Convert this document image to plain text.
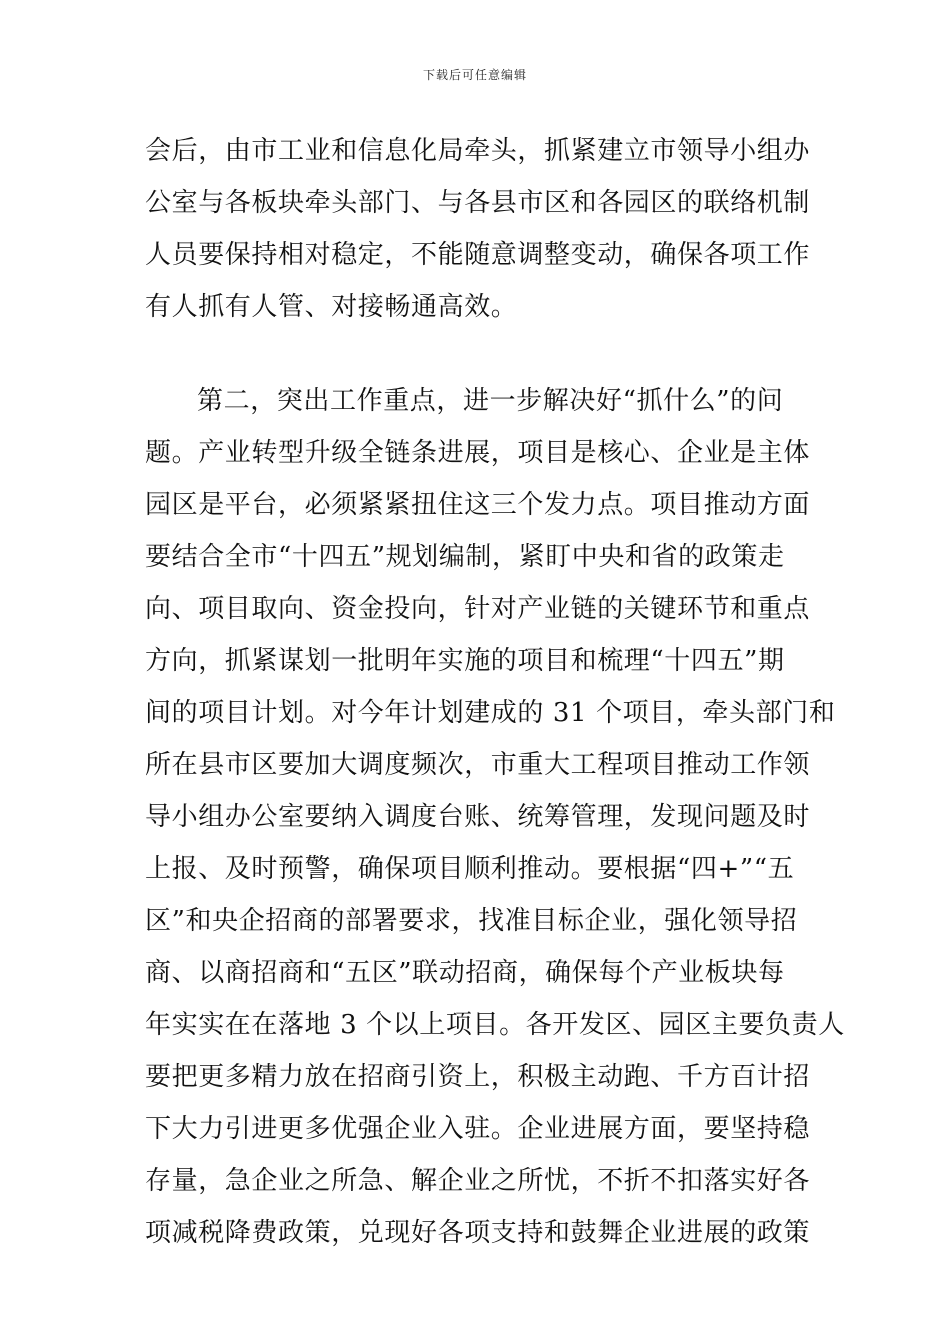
下载后可任意编辑
会后，由市工业和信息化局牵头，抓紧建立市领导小组办
公室与各板块牵头部门、与各县市区和各园区的联络机制
人员要保持相对稳定，不能随意调整变动，确保各项工作
有人抓有人管、对接畅通高效。
第二，突出工作重点，进一步解决好“抓什么”的问
题。产业转型升级全链条进展，项目是核心、企业是主体
园区是平台，必须紧紧扭住这三个发力点。项目推动方面
要结合全市“十四五”规划编制，紧盯中央和省的政策走
向、项目取向、资金投向，针对产业链的关键环节和重点
方向，抓紧谋划一批明年实施的项目和梳理“十四五”期
间的项目计划。对今年计划建成的 31 个项目，牵头部门和
所在县市区要加大调度频次，市重大工程项目推动工作领
导小组办公室要纳入调度台账、统筹管理，发现问题及时
上报、及时预警，确保项目顺利推动。要根据“四+”“五
区”和央企招商的部署要求，找准目标企业，强化领导招
商、以商招商和“五区”联动招商，确保每个产业板块每
年实实在在落地 3 个以上项目。各开发区、园区主要负责人
要把更多精力放在招商引资上，积极主动跑、千方百计招
下大力引进更多优强企业入驻。企业进展方面，要坚持稳
存量，急企业之所急、解企业之所忧，不折不扣落实好各
项减税降费政策，兑现好各项支持和鼓舞企业进展的政策
